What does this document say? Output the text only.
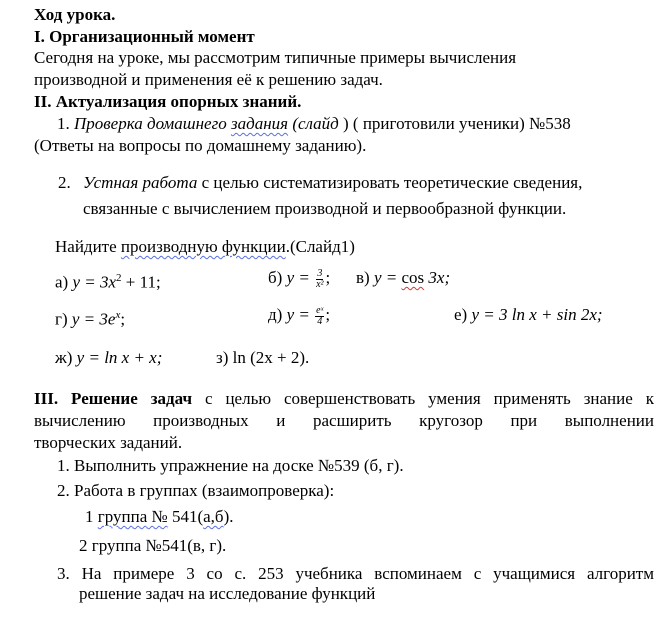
Ход урока.
I. Организационный момент
Сегодня на уроке, мы рассмотрим типичные примеры вычисления
производной и применения её к решению задач.
II. Актуализация опорных знаний.
1. Проверка домашнего задания (слайд ) ( приготовили ученики) №538
(Ответы на вопросы по домашнему заданию).
2. Устная работа с целью систематизировать теоретические сведения,
связанные с вычислением производной и первообразной функции.
Найдите производную функции.(Слайд1)
а) $y = 3x^2 + 11$;	б) $y = \frac{3}{\text{x²}}$ ; в) y = cos 3x;
г) $y = 3e^x$;	д) $y = \frac{\text{eˣ}}{4}$ ;	е) y = 3 ln x + sin 2x;
ж) y = ln x + x;	з) ln (2x + 2).
III. Решение задач с целью совершенствовать умения применять знание к
вычислению производных и расширить кругозор при выполнении
творческих заданий.
1. Выполнить упражнение на доске №539 (б, г).
2. Работа в группах (взаимопроверка):
1 группа № 541(а,б).
2 группа №541(в, г).
3. На примере 3 со с. 253 учебника вспоминаем с учащимися алгоритм
решение задач на исследование функций
